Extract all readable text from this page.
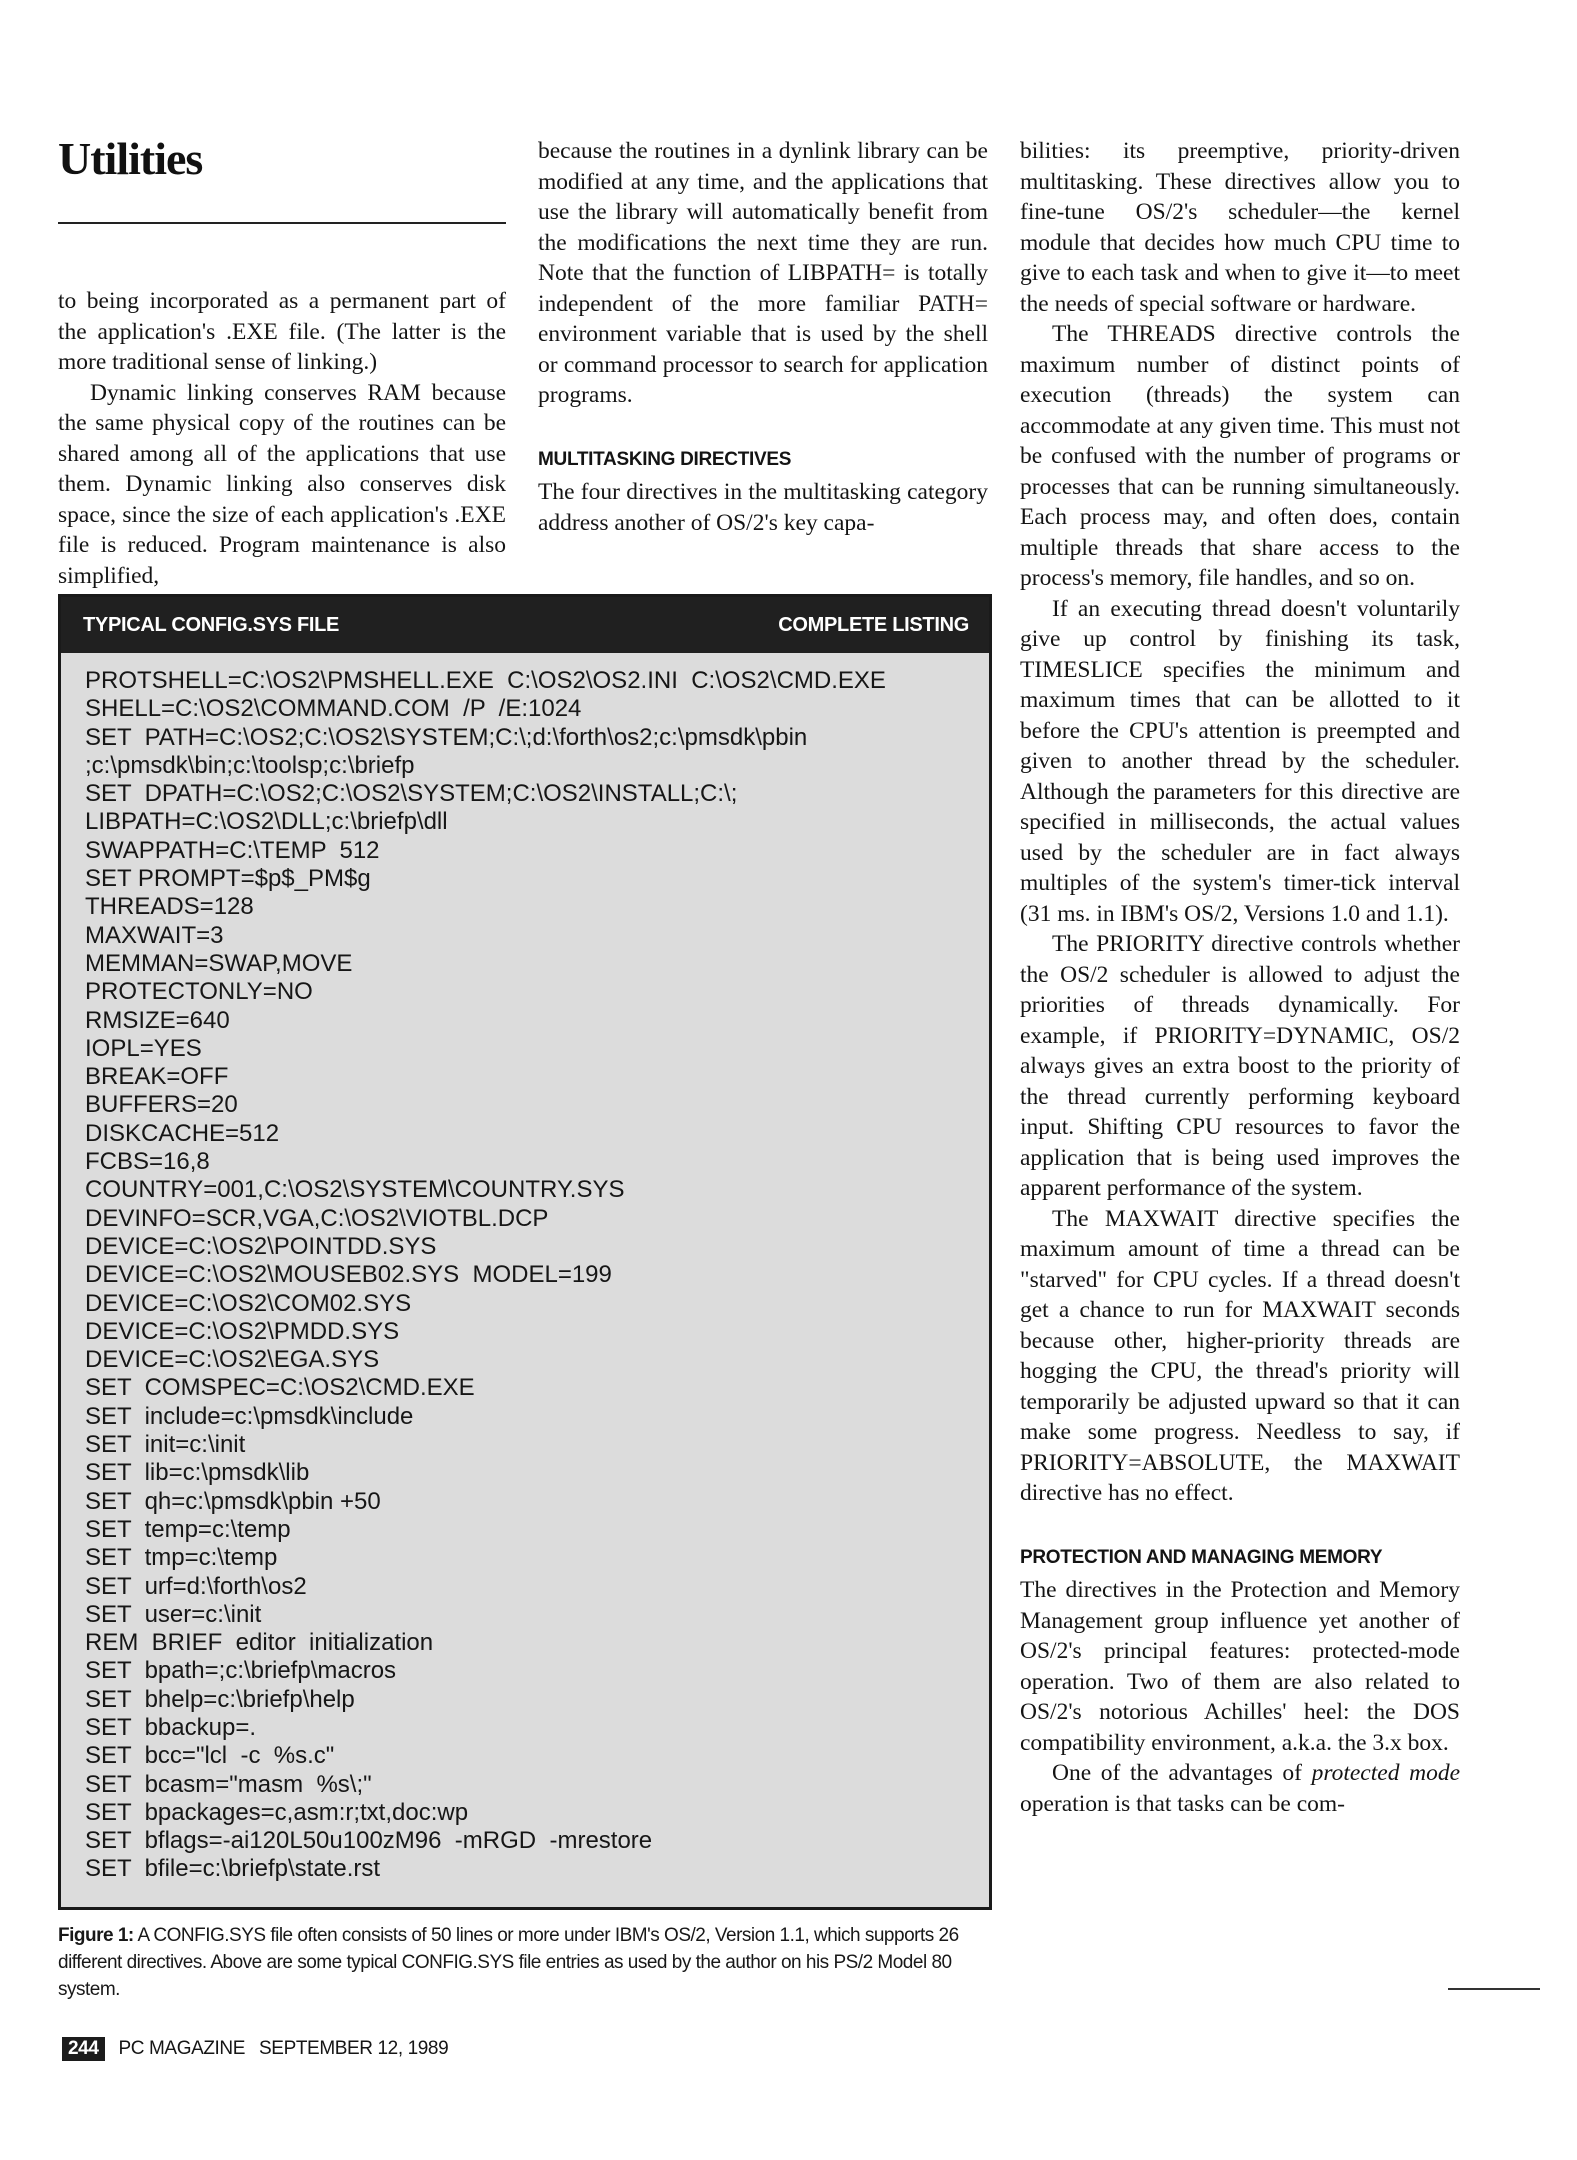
Utilities

to being incorporated as a permanent part of the application's .EXE file. (The latter is the more traditional sense of linking.)

Dynamic linking conserves RAM because the same physical copy of the routines can be shared among all of the applications that use them. Dynamic linking also conserves disk space, since the size of each application's .EXE file is reduced. Program maintenance is also simplified,

because the routines in a dynlink library can be modified at any time, and the applications that use the library will automatically benefit from the modifications the next time they are run. Note that the function of LIBPATH= is totally independent of the more familiar PATH= environment variable that is used by the shell or command processor to search for application programs.

MULTITASKING DIRECTIVES

The four directives in the multitasking category address another of OS/2's key capa-

bilities: its preemptive, priority-driven multitasking. These directives allow you to fine-tune OS/2's scheduler—the kernel module that decides how much CPU time to give to each task and when to give it—to meet the needs of special software or hardware.

The THREADS directive controls the maximum number of distinct points of execution (threads) the system can accommodate at any given time. This must not be confused with the number of programs or processes that can be running simultaneously. Each process may, and often does, contain multiple threads that share access to the process's memory, file handles, and so on.

If an executing thread doesn't voluntarily give up control by finishing its task, TIMESLICE specifies the minimum and maximum times that can be allotted to it before the CPU's attention is preempted and given to another thread by the scheduler. Although the parameters for this directive are specified in milliseconds, the actual values used by the scheduler are in fact always multiples of the system's timer-tick interval (31 ms. in IBM's OS/2, Versions 1.0 and 1.1).

The PRIORITY directive controls whether the OS/2 scheduler is allowed to adjust the priorities of threads dynamically. For example, if PRIORITY=DYNAMIC, OS/2 always gives an extra boost to the priority of the thread currently performing keyboard input. Shifting CPU resources to favor the application that is being used improves the apparent performance of the system.

The MAXWAIT directive specifies the maximum amount of time a thread can be "starved" for CPU cycles. If a thread doesn't get a chance to run for MAXWAIT seconds because other, higher-priority threads are hogging the CPU, the thread's priority will temporarily be adjusted upward so that it can make some progress. Needless to say, if PRIORITY=ABSOLUTE, the MAXWAIT directive has no effect.

PROTECTION AND MANAGING MEMORY

The directives in the Protection and Memory Management group influence yet another of OS/2's principal features: protected-mode operation. Two of them are also related to OS/2's notorious Achilles' heel: the DOS compatibility environment, a.k.a. the 3.x box.

One of the advantages of protected mode operation is that tasks can be com-

TYPICAL CONFIG.SYS FILE	COMPLETE LISTING
PROTSHELL=C:\OS2\PMSHELL.EXE  C:\OS2\OS2.INI  C:\OS2\CMD.EXE
SHELL=C:\OS2\COMMAND.COM  /P  /E:1024
SET  PATH=C:\OS2;C:\OS2\SYSTEM;C:\;d:\forth\os2;c:\pmsdk\pbin
;c:\pmsdk\bin;c:\toolsp;c:\briefp
SET  DPATH=C:\OS2;C:\OS2\SYSTEM;C:\OS2\INSTALL;C:\;
LIBPATH=C:\OS2\DLL;c:\briefp\dll
SWAPPATH=C:\TEMP  512
SET PROMPT=$p$_PM$g
THREADS=128
MAXWAIT=3
MEMMAN=SWAP,MOVE
PROTECTONLY=NO
RMSIZE=640
IOPL=YES
BREAK=OFF
BUFFERS=20
DISKCACHE=512
FCBS=16,8
COUNTRY=001,C:\OS2\SYSTEM\COUNTRY.SYS
DEVINFO=SCR,VGA,C:\OS2\VIOTBL.DCP
DEVICE=C:\OS2\POINTDD.SYS
DEVICE=C:\OS2\MOUSEB02.SYS  MODEL=199
DEVICE=C:\OS2\COM02.SYS
DEVICE=C:\OS2\PMDD.SYS
DEVICE=C:\OS2\EGA.SYS
SET  COMSPEC=C:\OS2\CMD.EXE
SET  include=c:\pmsdk\include
SET  init=c:\init
SET  lib=c:\pmsdk\lib
SET  qh=c:\pmsdk\pbin +50
SET  temp=c:\temp
SET  tmp=c:\temp
SET  urf=d:\forth\os2
SET  user=c:\init
REM  BRIEF  editor  initialization
SET  bpath=;c:\briefp\macros
SET  bhelp=c:\briefp\help
SET  bbackup=.
SET  bcc="lcl  -c  %s.c"
SET  bcasm="masm  %s\;"
SET  bpackages=c,asm:r;txt,doc:wp
SET  bflags=-ai120L50u100zM96  -mRGD  -mrestore
SET  bfile=c:\briefp\state.rst
Figure 1: A CONFIG.SYS file often consists of 50 lines or more under IBM's OS/2, Version 1.1, which supports 26 different directives. Above are some typical CONFIG.SYS file entries as used by the author on his PS/2 Model 80 system.
244	PC MAGAZINE SEPTEMBER 12, 1989
